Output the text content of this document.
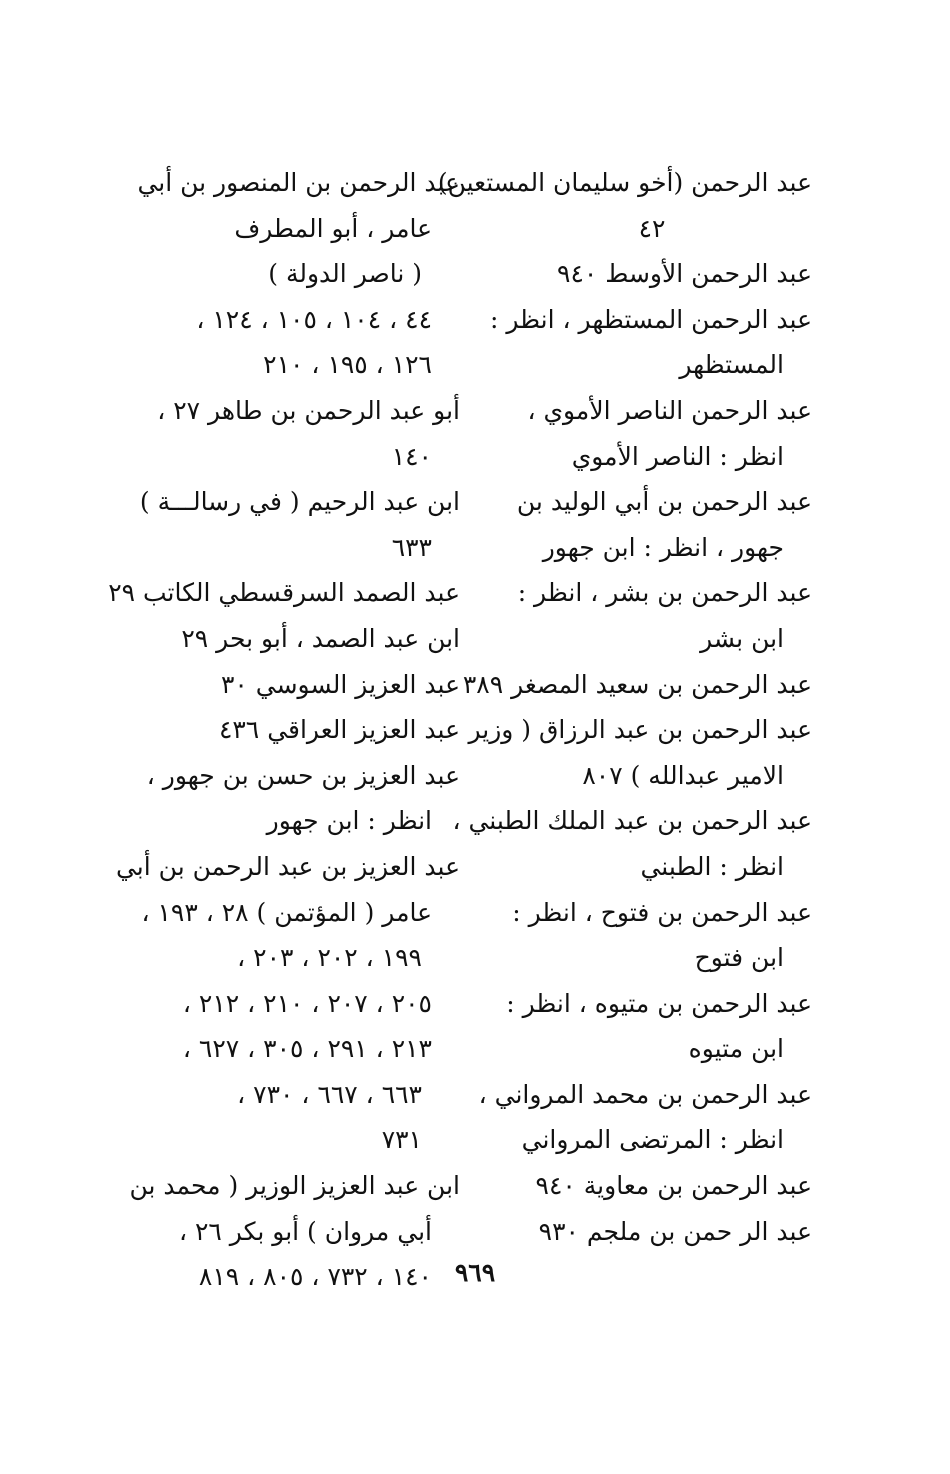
عبد الرحمن (أخو سليمان المستعين)
٤٢
عبد الرحمن الأوسط ٩٤٠
عبد الرحمن المستظهر ، انظر :
المستظهر
عبد الرحمن الناصر الأموي ،
انظر : الناصر الأموي
عبد الرحمن بن أبي الوليد بن
جهور ، انظر : ابن جهور
عبد الرحمن بن بشر ، انظر :
ابن بشر
عبد الرحمن بن سعيد المصغر ٣٨٩
عبد الرحمن بن عبد الرزاق ( وزير
الامير عبدالله ) ٨٠٧
عبد الرحمن بن عبد الملك الطبني ،
انظر : الطبني
عبد الرحمن بن فتوح ، انظر :
ابن فتوح
عبد الرحمن بن متيوه ، انظر :
ابن متيوه
عبد الرحمن بن محمد المرواني ،
انظر : المرتضى المرواني
عبد الرحمن بن معاوية ٩٤٠
عبد الر حمن بن ملجم ٩٣٠
عبد الرحمن بن المنصور بن أبي
عامر ، أبو المطرف
( ناصر الدولة )
٤٤ ، ١٠٤ ، ١٠٥ ، ١٢٤ ،
١٢٦ ، ١٩٥ ، ٢١٠
أبو عبد الرحمن بن طاهر ٢٧ ،
١٤٠
ابن عبد الرحيم ( في رسالـــة )
٦٣٣
عبد الصمد السرقسطي الكاتب ٢٩
ابن عبد الصمد ، أبو بحر ٢٩
عبد العزيز السوسي ٣٠
عبد العزيز العراقي ٤٣٦
عبد العزيز بن حسن بن جهور ،
انظر : ابن جهور
عبد العزيز بن عبد الرحمن بن أبي
عامر ( المؤتمن ) ٢٨ ، ١٩٣ ،
١٩٩ ، ٢٠٢ ، ٢٠٣ ،
٢٠٥ ، ٢٠٧ ، ٢١٠ ، ٢١٢ ،
٢١٣ ، ٢٩١ ، ٣٠٥ ، ٦٢٧ ،
٦٦٣ ، ٦٦٧ ، ٧٣٠ ،
٧٣١
ابن عبد العزيز الوزير ( محمد بن
أبي مروان ) أبو بكر ٢٦ ،
١٤٠ ، ٧٣٢ ، ٨٠٥ ، ٨١٩ ٩٦٩
